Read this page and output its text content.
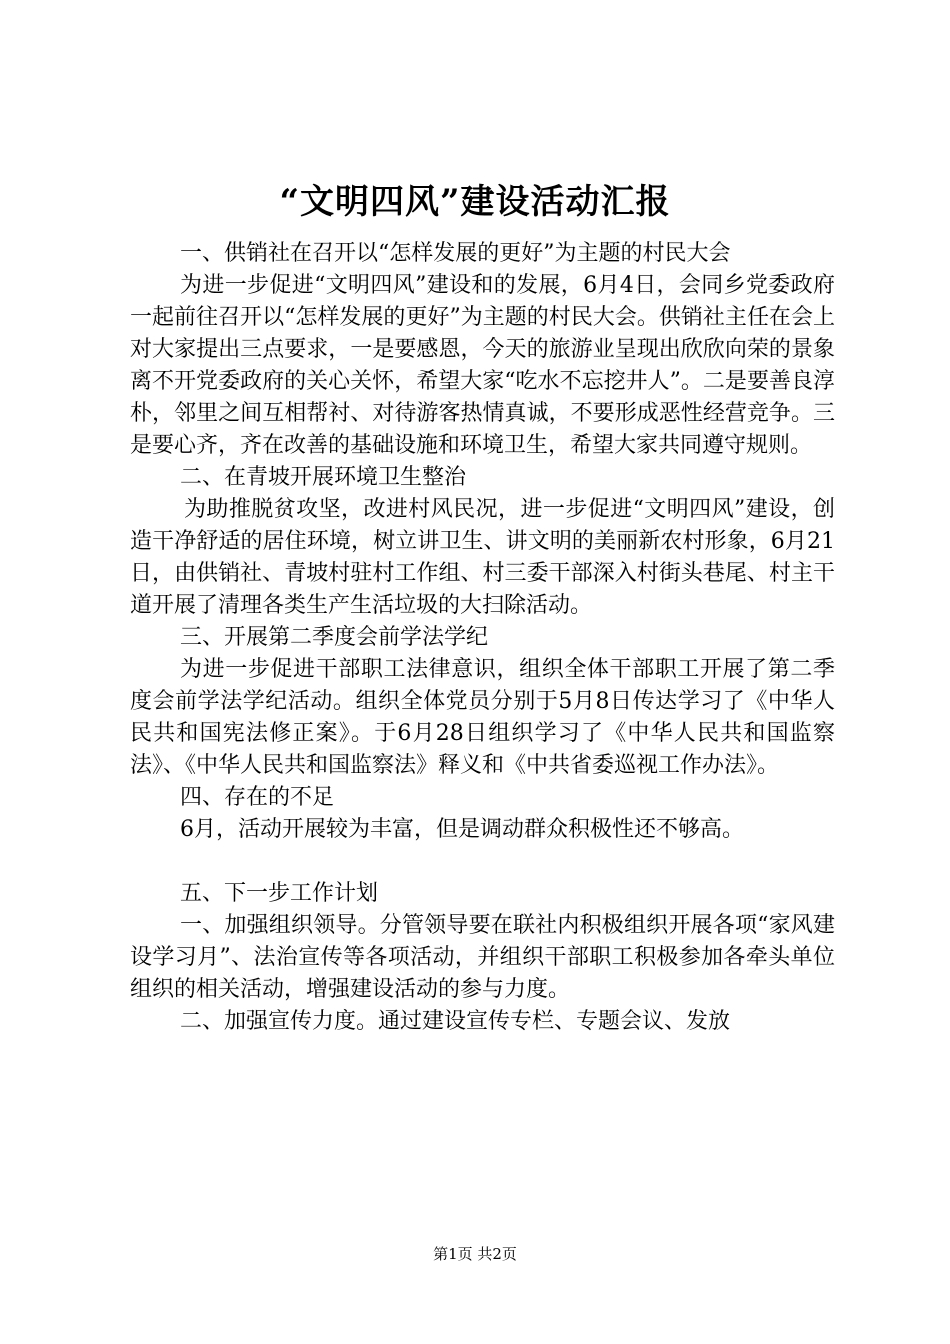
“文明四风”建设活动汇报

一、供销社在召开以“怎样发展的更好”为主题的村民大会

为进一步促进“文明四风”建设和的发展，6月4日，会同乡党委政府一起前往召开以“怎样发展的更好”为主题的村民大会。供销社主任在会上对大家提出三点要求，一是要感恩，今天的旅游业呈现出欣欣向荣的景象离不开党委政府的关心关怀，希望大家“吃水不忘挖井人”。二是要善良淳朴，邻里之间互相帮衬、对待游客热情真诚，不要形成恶性经营竞争。三是要心齐，齐在改善的基础设施和环境卫生，希望大家共同遵守规则。

二、在青坡开展环境卫生整治

为助推脱贫攻坚，改进村风民况，进一步促进“文明四风”建设，创造干净舒适的居住环境，树立讲卫生、讲文明的美丽新农村形象，6月21日，由供销社、青坡村驻村工作组、村三委干部深入村街头巷尾、村主干道开展了清理各类生产生活垃圾的大扫除活动。

三、开展第二季度会前学法学纪

为进一步促进干部职工法律意识，组织全体干部职工开展了第二季度会前学法学纪活动。组织全体党员分别于5月8日传达学习了《中华人民共和国宪法修正案》。于6月28日组织学习了《中华人民共和国监察法》、《中华人民共和国监察法》释义和《中共省委巡视工作办法》。

四、存在的不足

6月，活动开展较为丰富，但是调动群众积极性还不够高。

五、下一步工作计划

一、加强组织领导。分管领导要在联社内积极组织开展各项“家风建设学习月”、法治宣传等各项活动，并组织干部职工积极参加各牵头单位组织的相关活动，增强建设活动的参与力度。

二、加强宣传力度。通过建设宣传专栏、专题会议、发放

第1页 共2页
